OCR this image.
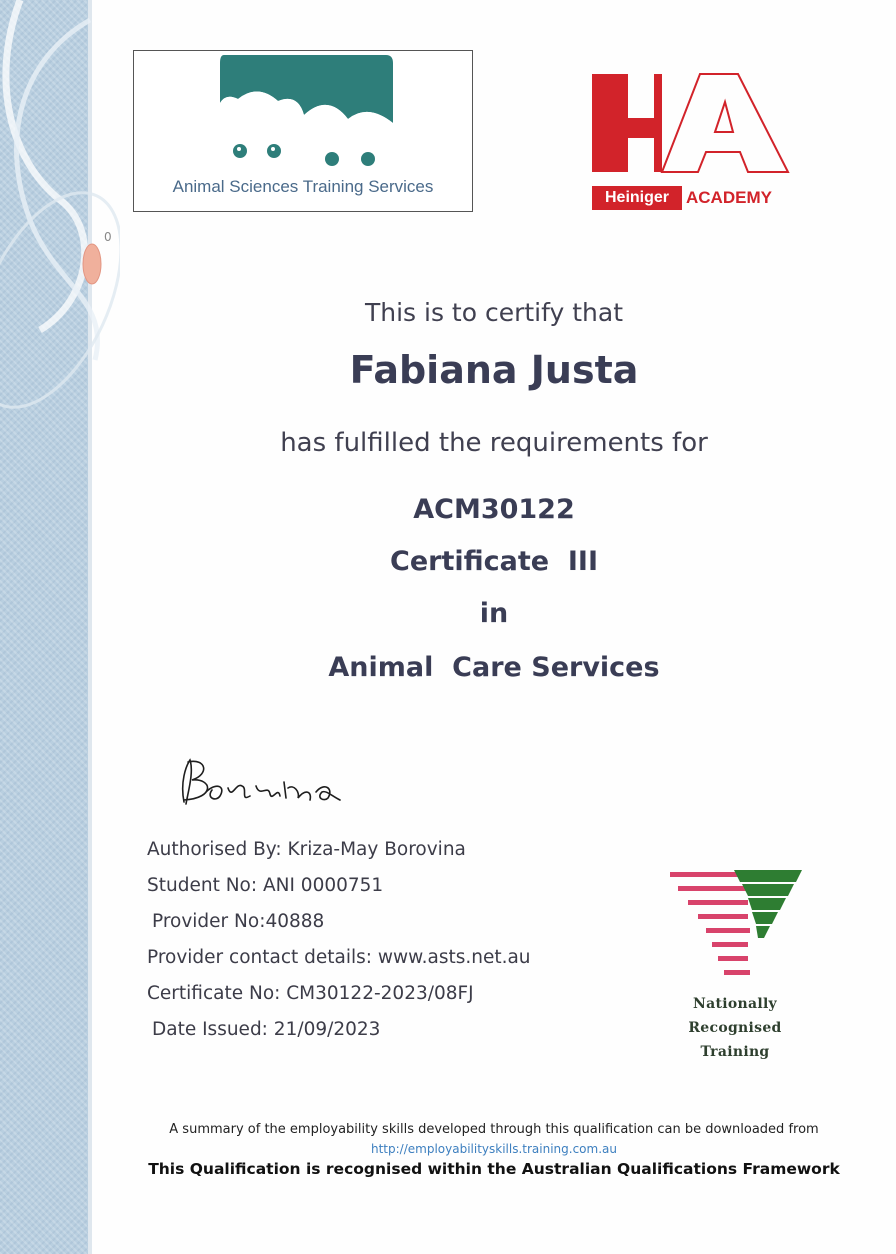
0
Animal Sciences Training Services
Heiniger	ACADEMY
This is to certify that
Fabiana Justa
has fulfilled the requirements for
ACM30122
Certificate  III
in
Animal  Care Services
Authorised By: Kriza-May Borovina
Student No: ANI 0000751
Provider No:40888
Provider contact details: www.asts.net.au
Certificate No: CM30122-2023/08FJ
Date Issued: 21/09/2023
Nationally Recognised
Training
A summary of the employability skills developed through this qualification can be downloaded from
http://employabilityskills.training.com.au
This Qualification is recognised within the Australian Qualifications Framework
